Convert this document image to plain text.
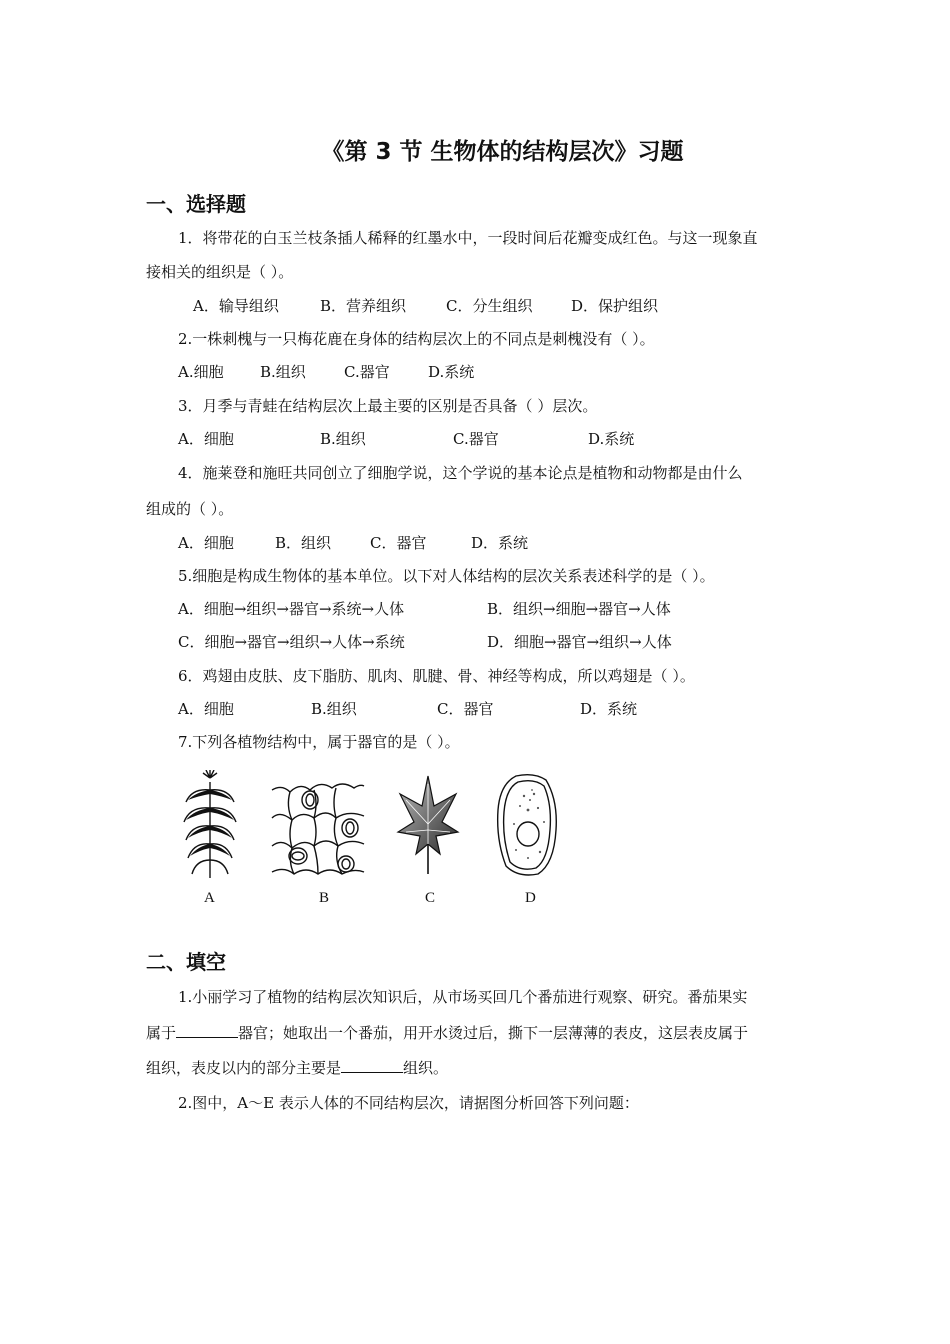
《第 3 节 生物体的结构层次》习题
一、选择题
1．将带花的白玉兰枝条插人稀释的红墨水中，一段时间后花瓣变成红色。与这一现象直
接相关的组织是（ ）。
A．输导组织	B．营养组织	C．分生组织	D．保护组织
2.一株刺槐与一只梅花鹿在身体的结构层次上的不同点是刺槐没有（ ）。
A.细胞 B.组织	C.器官	D.系统
3．月季与青蛙在结构层次上最主要的区别是否具备（ ）层次。
A．细胞	B.组织	C.器官	D.系统
4．施莱登和施旺共同创立了细胞学说，这个学说的基本论点是植物和动物都是由什么
组成的（ ）。
A．细胞	B．组织	C．器官	D．系统
5.细胞是构成生物体的基本单位。以下对人体结构的层次关系表述科学的是（ ）。
A．细胞→组织→器官→系统→人体	B．组织→细胞→器官→人体
C．细胞→器官→组织→人体→系统	D．细胞→器官→组织→人体
6．鸡翅由皮肤、皮下脂肪、肌肉、肌腱、骨、神经等构成，所以鸡翅是（ ）。
A．细胞	B.组织	C．器官	D．系统
7.下列各植物结构中，属于器官的是（ ）。
A	B	C	D
二、填空
1.小丽学习了植物的结构层次知识后，从市场买回几个番茄进行观察、研究。番茄果实
属于	器官；她取出一个番茄，用开水烫过后，撕下一层薄薄的表皮，这层表皮属于
组织，表皮以内的部分主要是	组织。
2.图中，A～E 表示人体的不同结构层次，请据图分析回答下列问题：
